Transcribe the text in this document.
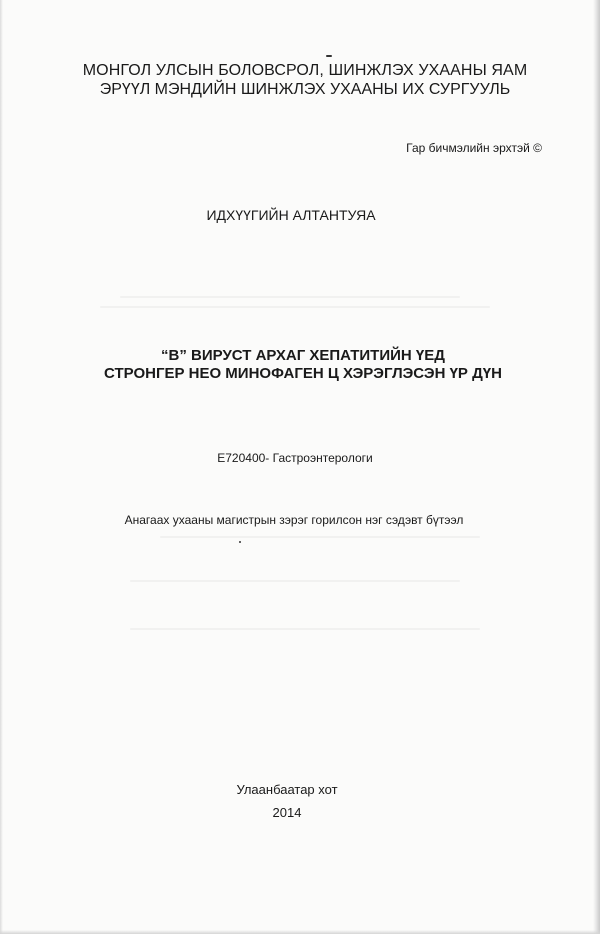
МОНГОЛ УЛСЫН БОЛОВСРОЛ, ШИНЖЛЭХ УХААНЫ ЯАМ

ЭРҮҮЛ МЭНДИЙН ШИНЖЛЭХ УХААНЫ ИХ СУРГУУЛЬ

Гар бичмэлийн эрхтэй ©

ИДХҮҮГИЙН АЛТАНТУЯА

“В” ВИРУСТ АРХАГ ХЕПАТИТИЙН ҮЕД

СТРОНГЕР НЕО МИНОФАГЕН Ц ХЭРЭГЛЭСЭН ҮР ДҮН

Е720400- Гастроэнтерологи

Анагаах ухааны магистрын зэрэг горилсон нэг сэдэвт бүтээл

Улаанбаатар хот

2014
